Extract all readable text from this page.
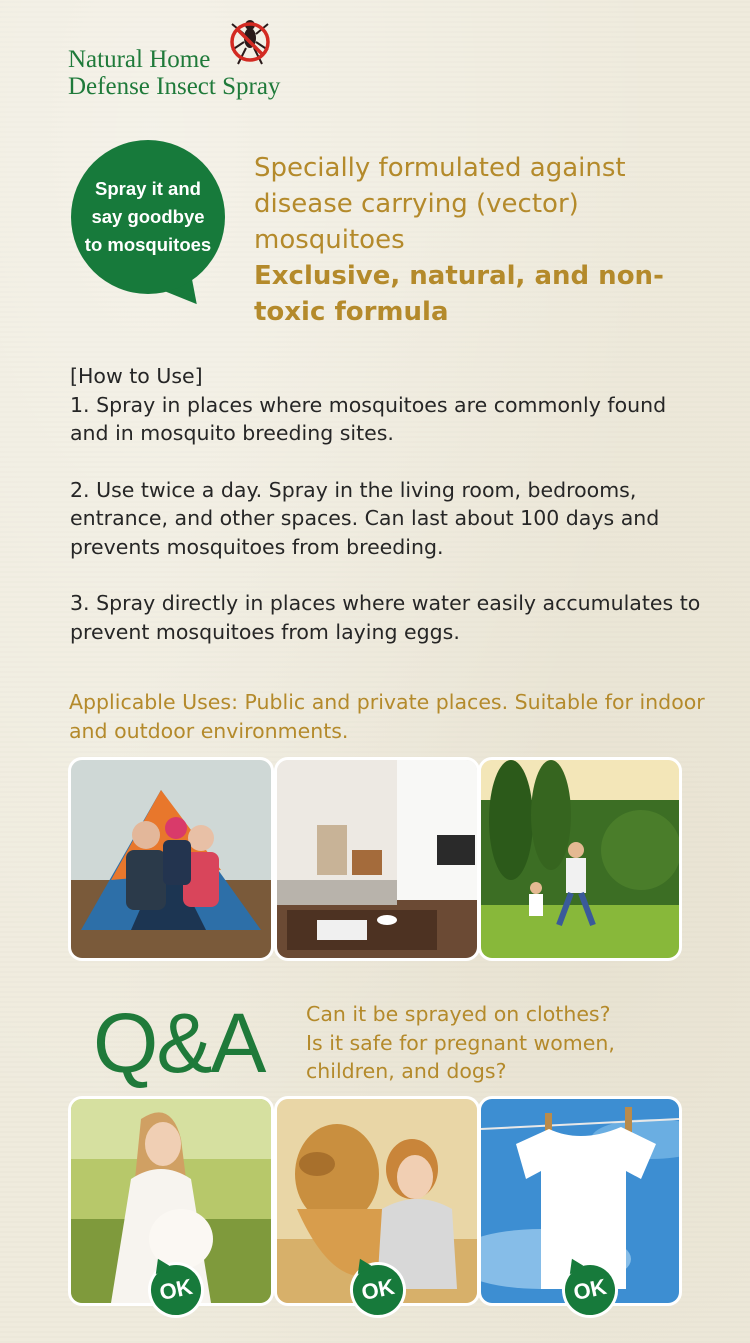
Natural Home
Defense Insect Spray
Spray it and say goodbye to mosquitoes
Specially formulated against disease carrying (vector) mosquitoes
Exclusive, natural, and non-toxic formula

[How to Use]

1. Spray in places where mosquitoes are commonly found and in mosquito breeding sites.

2. Use twice a day. Spray in the living room, bedrooms, entrance, and other spaces. Can last about 100 days and prevents mosquitoes from breeding.

3. Spray directly in places where water easily accumulates to prevent mosquitoes from laying eggs.

Applicable Uses: Public and private places. Suitable for indoor and outdoor environments.
Q&A Can it be sprayed on clothes?
Is it safe for pregnant women, children, and dogs?
OK	OK	OK
